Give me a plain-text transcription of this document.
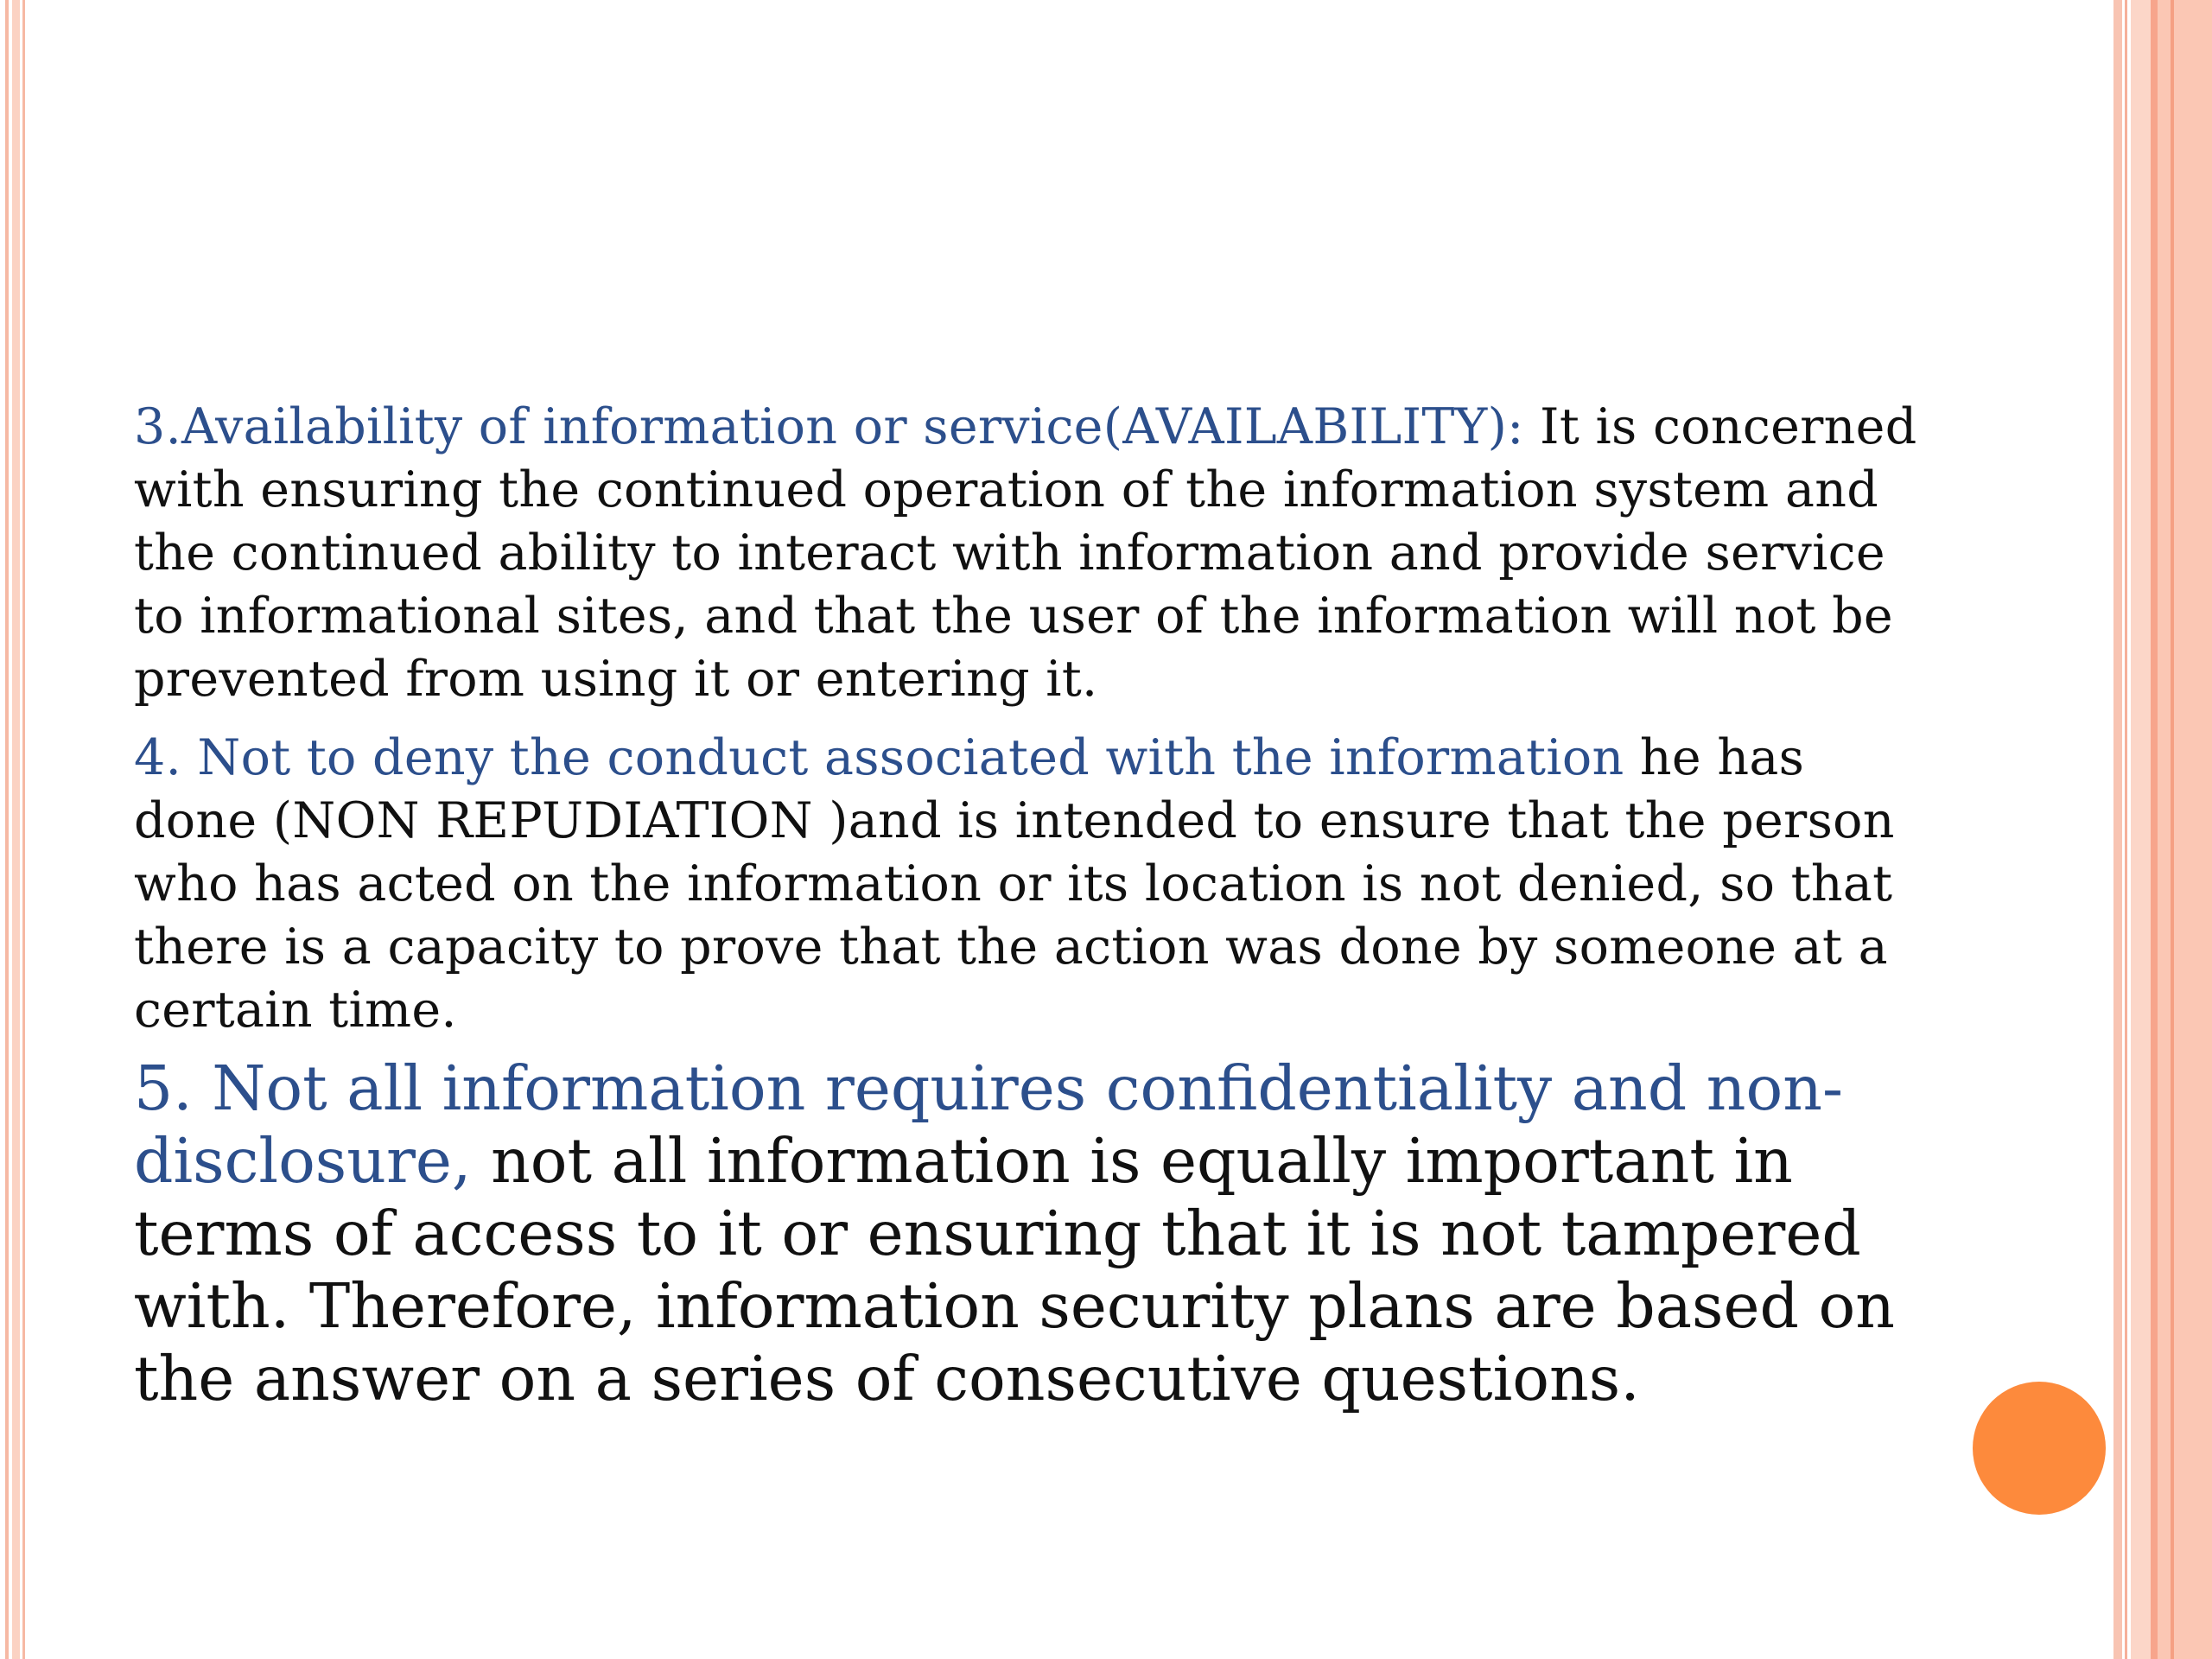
3.Availability of information or service(AVAILABILITY): It is concerned with ensuring the continued operation of the information system and the continued ability to interact with information and provide service to informational sites, and that the user of the information will not be prevented from using it or entering it.

4. Not to deny the conduct associated with the information he has done (NON REPUDIATION )and is intended to ensure that the person who has acted on the information or its location is not denied, so that there is a capacity to prove that the action was done by someone at a certain time.

5. Not all information requires confidentiality and non-disclosure, not all information is equally important in terms of access to it or ensuring that it is not tampered with. Therefore, information security plans are based on the answer on a series of consecutive questions.
